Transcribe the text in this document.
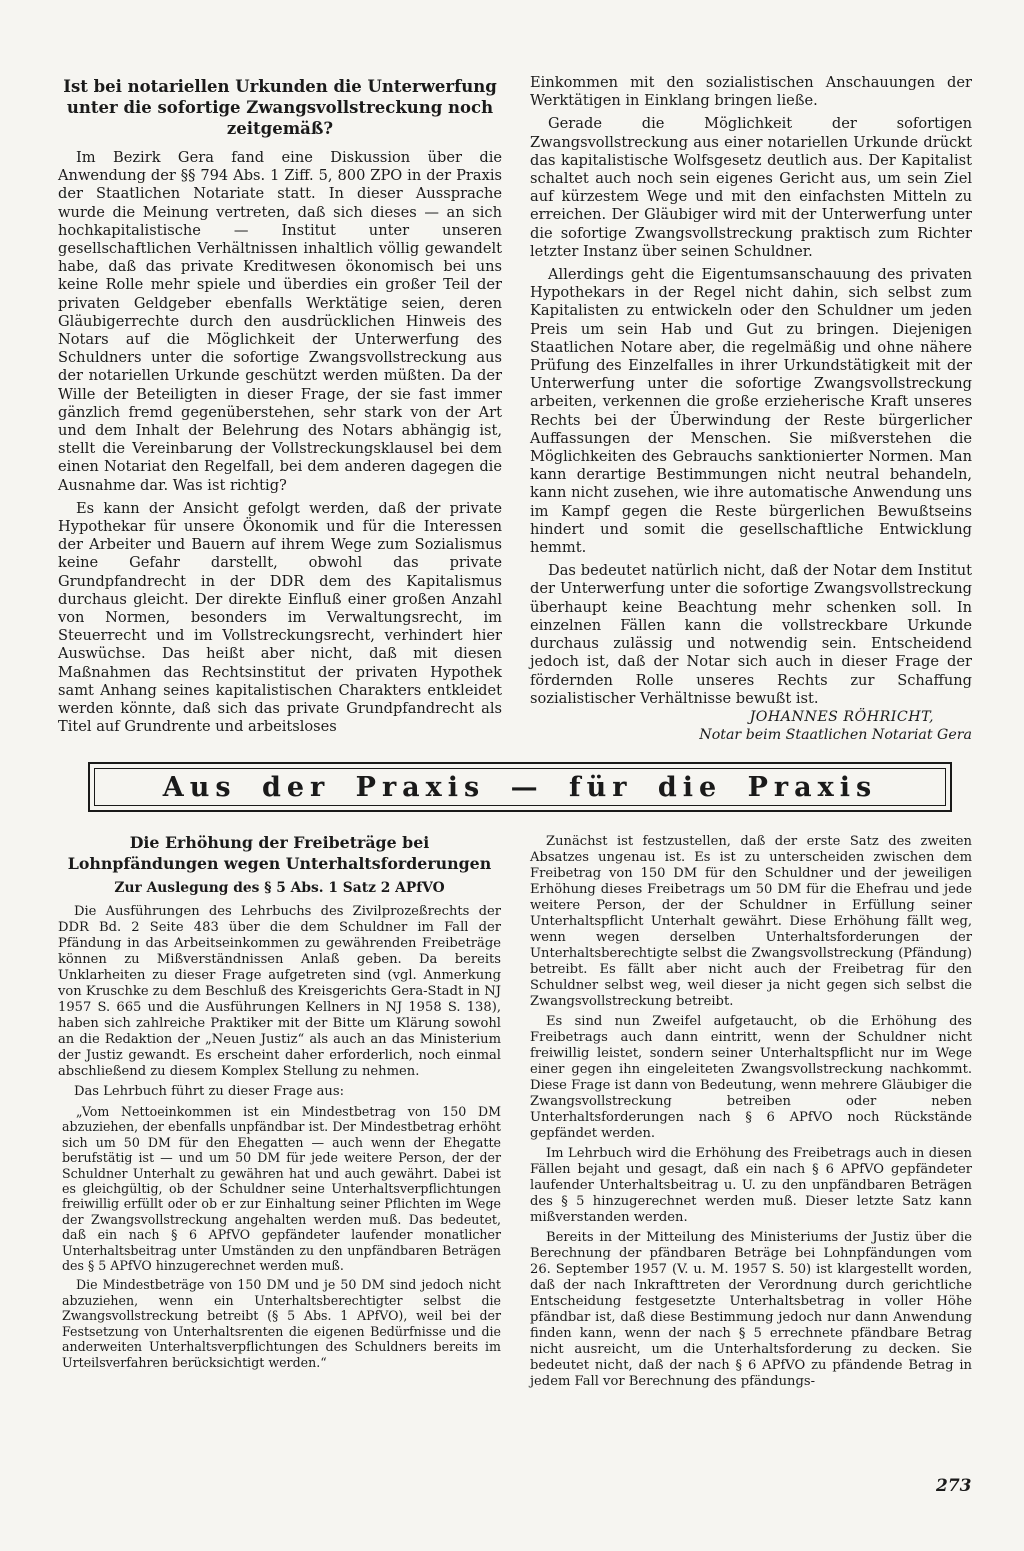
Ist bei notariellen Urkunden die Unterwerfung unter die sofortige Zwangsvollstreckung noch zeitgemäß?

Im Bezirk Gera fand eine Diskussion über die Anwendung der §§ 794 Abs. 1 Ziff. 5, 800 ZPO in der Praxis der Staatlichen Notariate statt. In dieser Aussprache wurde die Meinung vertreten, daß sich dieses — an sich hochkapitalistische — Institut unter unseren gesellschaftlichen Verhältnissen inhaltlich völlig gewandelt habe, daß das private Kreditwesen ökonomisch bei uns keine Rolle mehr spiele und überdies ein großer Teil der privaten Geldgeber ebenfalls Werktätige seien, deren Gläubigerrechte durch den ausdrücklichen Hinweis des Notars auf die Möglichkeit der Unterwerfung des Schuldners unter die sofortige Zwangsvollstreckung aus der notariellen Urkunde geschützt werden müßten. Da der Wille der Beteiligten in dieser Frage, der sie fast immer gänzlich fremd gegenüberstehen, sehr stark von der Art und dem Inhalt der Belehrung des Notars abhängig ist, stellt die Vereinbarung der Vollstreckungsklausel bei dem einen Notariat den Regelfall, bei dem anderen dagegen die Ausnahme dar. Was ist richtig?

Es kann der Ansicht gefolgt werden, daß der private Hypothekar für unsere Ökonomik und für die Interessen der Arbeiter und Bauern auf ihrem Wege zum Sozialismus keine Gefahr darstellt, obwohl das private Grundpfandrecht in der DDR dem des Kapitalismus durchaus gleicht. Der direkte Einfluß einer großen Anzahl von Normen, besonders im Verwaltungsrecht, im Steuerrecht und im Vollstreckungsrecht, verhindert hier Auswüchse. Das heißt aber nicht, daß mit diesen Maßnahmen das Rechtsinstitut der privaten Hypothek samt Anhang seines kapitalistischen Charakters entkleidet werden könnte, daß sich das private Grundpfandrecht als Titel auf Grundrente und arbeitsloses

Einkommen mit den sozialistischen Anschauungen der Werktätigen in Einklang bringen ließe.

Gerade die Möglichkeit der sofortigen Zwangsvollstreckung aus einer notariellen Urkunde drückt das kapitalistische Wolfsgesetz deutlich aus. Der Kapitalist schaltet auch noch sein eigenes Gericht aus, um sein Ziel auf kürzestem Wege und mit den einfachsten Mitteln zu erreichen. Der Gläubiger wird mit der Unterwerfung unter die sofortige Zwangsvollstreckung praktisch zum Richter letzter Instanz über seinen Schuldner.

Allerdings geht die Eigentumsanschauung des privaten Hypothekars in der Regel nicht dahin, sich selbst zum Kapitalisten zu entwickeln oder den Schuldner um jeden Preis um sein Hab und Gut zu bringen. Diejenigen Staatlichen Notare aber, die regelmäßig und ohne nähere Prüfung des Einzelfalles in ihrer Urkundstätigkeit mit der Unterwerfung unter die sofortige Zwangsvollstreckung arbeiten, verkennen die große erzieherische Kraft unseres Rechts bei der Überwindung der Reste bürgerlicher Auffassungen der Menschen. Sie mißverstehen die Möglichkeiten des Gebrauchs sanktionierter Normen. Man kann derartige Bestimmungen nicht neutral behandeln, kann nicht zusehen, wie ihre automatische Anwendung uns im Kampf gegen die Reste bürgerlichen Bewußtseins hindert und somit die gesellschaftliche Entwicklung hemmt.

Das bedeutet natürlich nicht, daß der Notar dem Institut der Unterwerfung unter die sofortige Zwangsvollstreckung überhaupt keine Beachtung mehr schenken soll. In einzelnen Fällen kann die vollstreckbare Urkunde durchaus zulässig und notwendig sein. Entscheidend jedoch ist, daß der Notar sich auch in dieser Frage der fördernden Rolle unseres Rechts zur Schaffung sozialistischer Verhältnisse bewußt ist.

JOHANNES RÖHRICHT,
Notar beim Staatlichen Notariat Gera
Aus der Praxis — für die Praxis
Die Erhöhung der Freibeträge bei Lohnpfändungen wegen Unterhaltsforderungen
Zur Auslegung des § 5 Abs. 1 Satz 2 APfVO

Die Ausführungen des Lehrbuchs des Zivilprozeßrechts der DDR Bd. 2 Seite 483 über die dem Schuldner im Fall der Pfändung in das Arbeitseinkommen zu gewährenden Freibeträge können zu Mißverständnissen Anlaß geben. Da bereits Unklarheiten zu dieser Frage aufgetreten sind (vgl. Anmerkung von Kruschke zu dem Beschluß des Kreisgerichts Gera-Stadt in NJ 1957 S. 665 und die Ausführungen Kellners in NJ 1958 S. 138), haben sich zahlreiche Praktiker mit der Bitte um Klärung sowohl an die Redaktion der „Neuen Justiz“ als auch an das Ministerium der Justiz gewandt. Es erscheint daher erforderlich, noch einmal abschließend zu diesem Komplex Stellung zu nehmen.

Das Lehrbuch führt zu dieser Frage aus:

„Vom Nettoeinkommen ist ein Mindestbetrag von 150 DM abzuziehen, der ebenfalls unpfändbar ist. Der Mindestbetrag erhöht sich um 50 DM für den Ehegatten — auch wenn der Ehegatte berufstätig ist — und um 50 DM für jede weitere Person, der der Schuldner Unterhalt zu gewähren hat und auch gewährt. Dabei ist es gleichgültig, ob der Schuldner seine Unterhaltsverpflichtungen freiwillig erfüllt oder ob er zur Einhaltung seiner Pflichten im Wege der Zwangsvollstreckung angehalten werden muß. Das bedeutet, daß ein nach § 6 APfVO gepfändeter laufender monatlicher Unterhaltsbeitrag unter Umständen zu den unpfändbaren Beträgen des § 5 APfVO hinzugerechnet werden muß.

Die Mindestbeträge von 150 DM und je 50 DM sind jedoch nicht abzuziehen, wenn ein Unterhaltsberechtigter selbst die Zwangsvollstreckung betreibt (§ 5 Abs. 1 APfVO), weil bei der Festsetzung von Unterhaltsrenten die eigenen Bedürfnisse und die anderweiten Unterhaltsverpflichtungen des Schuldners bereits im Urteilsverfahren berücksichtigt werden.“

Zunächst ist festzustellen, daß der erste Satz des zweiten Absatzes ungenau ist. Es ist zu unterscheiden zwischen dem Freibetrag von 150 DM für den Schuldner und der jeweiligen Erhöhung dieses Freibetrags um 50 DM für die Ehefrau und jede weitere Person, der der Schuldner in Erfüllung seiner Unterhaltspflicht Unterhalt gewährt. Diese Erhöhung fällt weg, wenn wegen derselben Unterhaltsforderungen der Unterhaltsberechtigte selbst die Zwangsvollstreckung (Pfändung) betreibt. Es fällt aber nicht auch der Freibetrag für den Schuldner selbst weg, weil dieser ja nicht gegen sich selbst die Zwangsvollstreckung betreibt.

Es sind nun Zweifel aufgetaucht, ob die Erhöhung des Freibetrags auch dann eintritt, wenn der Schuldner nicht freiwillig leistet, sondern seiner Unterhaltspflicht nur im Wege einer gegen ihn eingeleiteten Zwangsvollstreckung nachkommt. Diese Frage ist dann von Bedeutung, wenn mehrere Gläubiger die Zwangsvollstreckung betreiben oder neben Unterhaltsforderungen nach § 6 APfVO noch Rückstände gepfändet werden.

Im Lehrbuch wird die Erhöhung des Freibetrags auch in diesen Fällen bejaht und gesagt, daß ein nach § 6 APfVO gepfändeter laufender Unterhaltsbeitrag u. U. zu den unpfändbaren Beträgen des § 5 hinzugerechnet werden muß. Dieser letzte Satz kann mißverstanden werden.

Bereits in der Mitteilung des Ministeriums der Justiz über die Berechnung der pfändbaren Beträge bei Lohnpfändungen vom 26. September 1957 (V. u. M. 1957 S. 50) ist klargestellt worden, daß der nach Inkrafttreten der Verordnung durch gerichtliche Entscheidung festgesetzte Unterhaltsbetrag in voller Höhe pfändbar ist, daß diese Bestimmung jedoch nur dann Anwendung finden kann, wenn der nach § 5 errechnete pfändbare Betrag nicht ausreicht, um die Unterhaltsforderung zu decken. Sie bedeutet nicht, daß der nach § 6 APfVO zu pfändende Betrag in jedem Fall vor Berechnung des pfändungs-

273
